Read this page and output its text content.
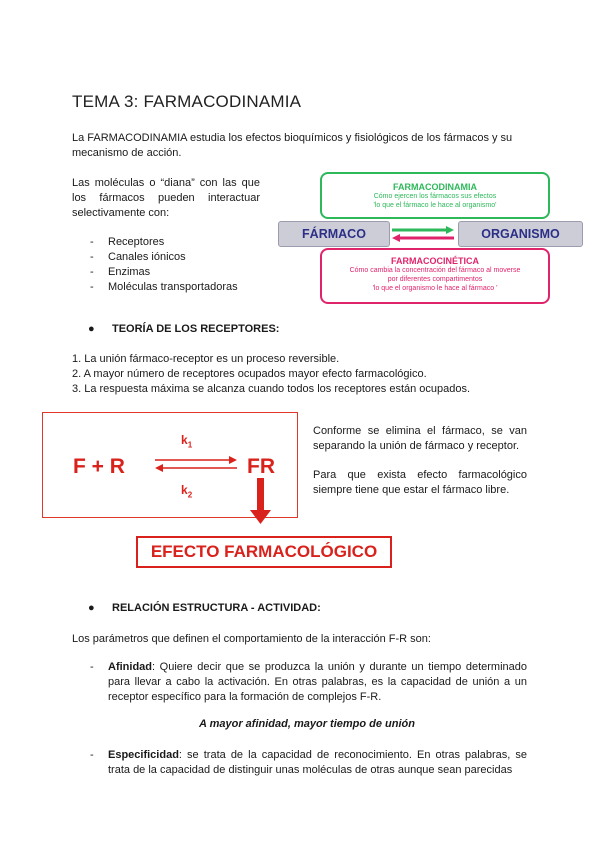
TEMA 3: FARMACODINAMIA
La FARMACODINAMIA estudia los efectos bioquímicos y fisiológicos de los fármacos y su mecanismo de acción.
Las moléculas o “diana” con las que los fármacos pueden interactuar selectivamente con:
- Receptores
- Canales iónicos
- Enzimas
- Moléculas transportadoras
FARMACODINAMIA
Cómo ejercen los fármacos sus efectos
'lo que el fármaco le hace al organismo'
FÁRMACO	ORGANISMO
FARMACOCINÉTICA
Cómo cambia la concentración del fármaco al moverse
por diferentes compartimentos
'lo que el organismo le hace al fármaco '
● TEORÍA DE LOS RECEPTORES:
1. La unión fármaco-receptor es un proceso reversible.
2. A mayor número de receptores ocupados mayor efecto farmacológico.
3. La respuesta máxima se alcanza cuando todos los receptores están ocupados.
F + R
$k_1$
$k_2$
FR
EFECTO FARMACOLÓGICO
Conforme se elimina el fármaco, se van separando la unión de fármaco y receptor.
Para que exista efecto farmacológico siempre tiene que estar el fármaco libre.
● RELACIÓN ESTRUCTURA - ACTIVIDAD:
Los parámetros que definen el comportamiento de la interacción F-R son:
- Afinidad: Quiere decir que se produzca la unión y durante un tiempo determinado para llevar a cabo la activación. En otras palabras, es la capacidad de unión a un receptor específico para la formación de complejos F-R.
A mayor afinidad, mayor tiempo de unión
- Especificidad: se trata de la capacidad de reconocimiento. En otras palabras, se trata de la capacidad de distinguir unas moléculas de otras aunque sean parecidas
